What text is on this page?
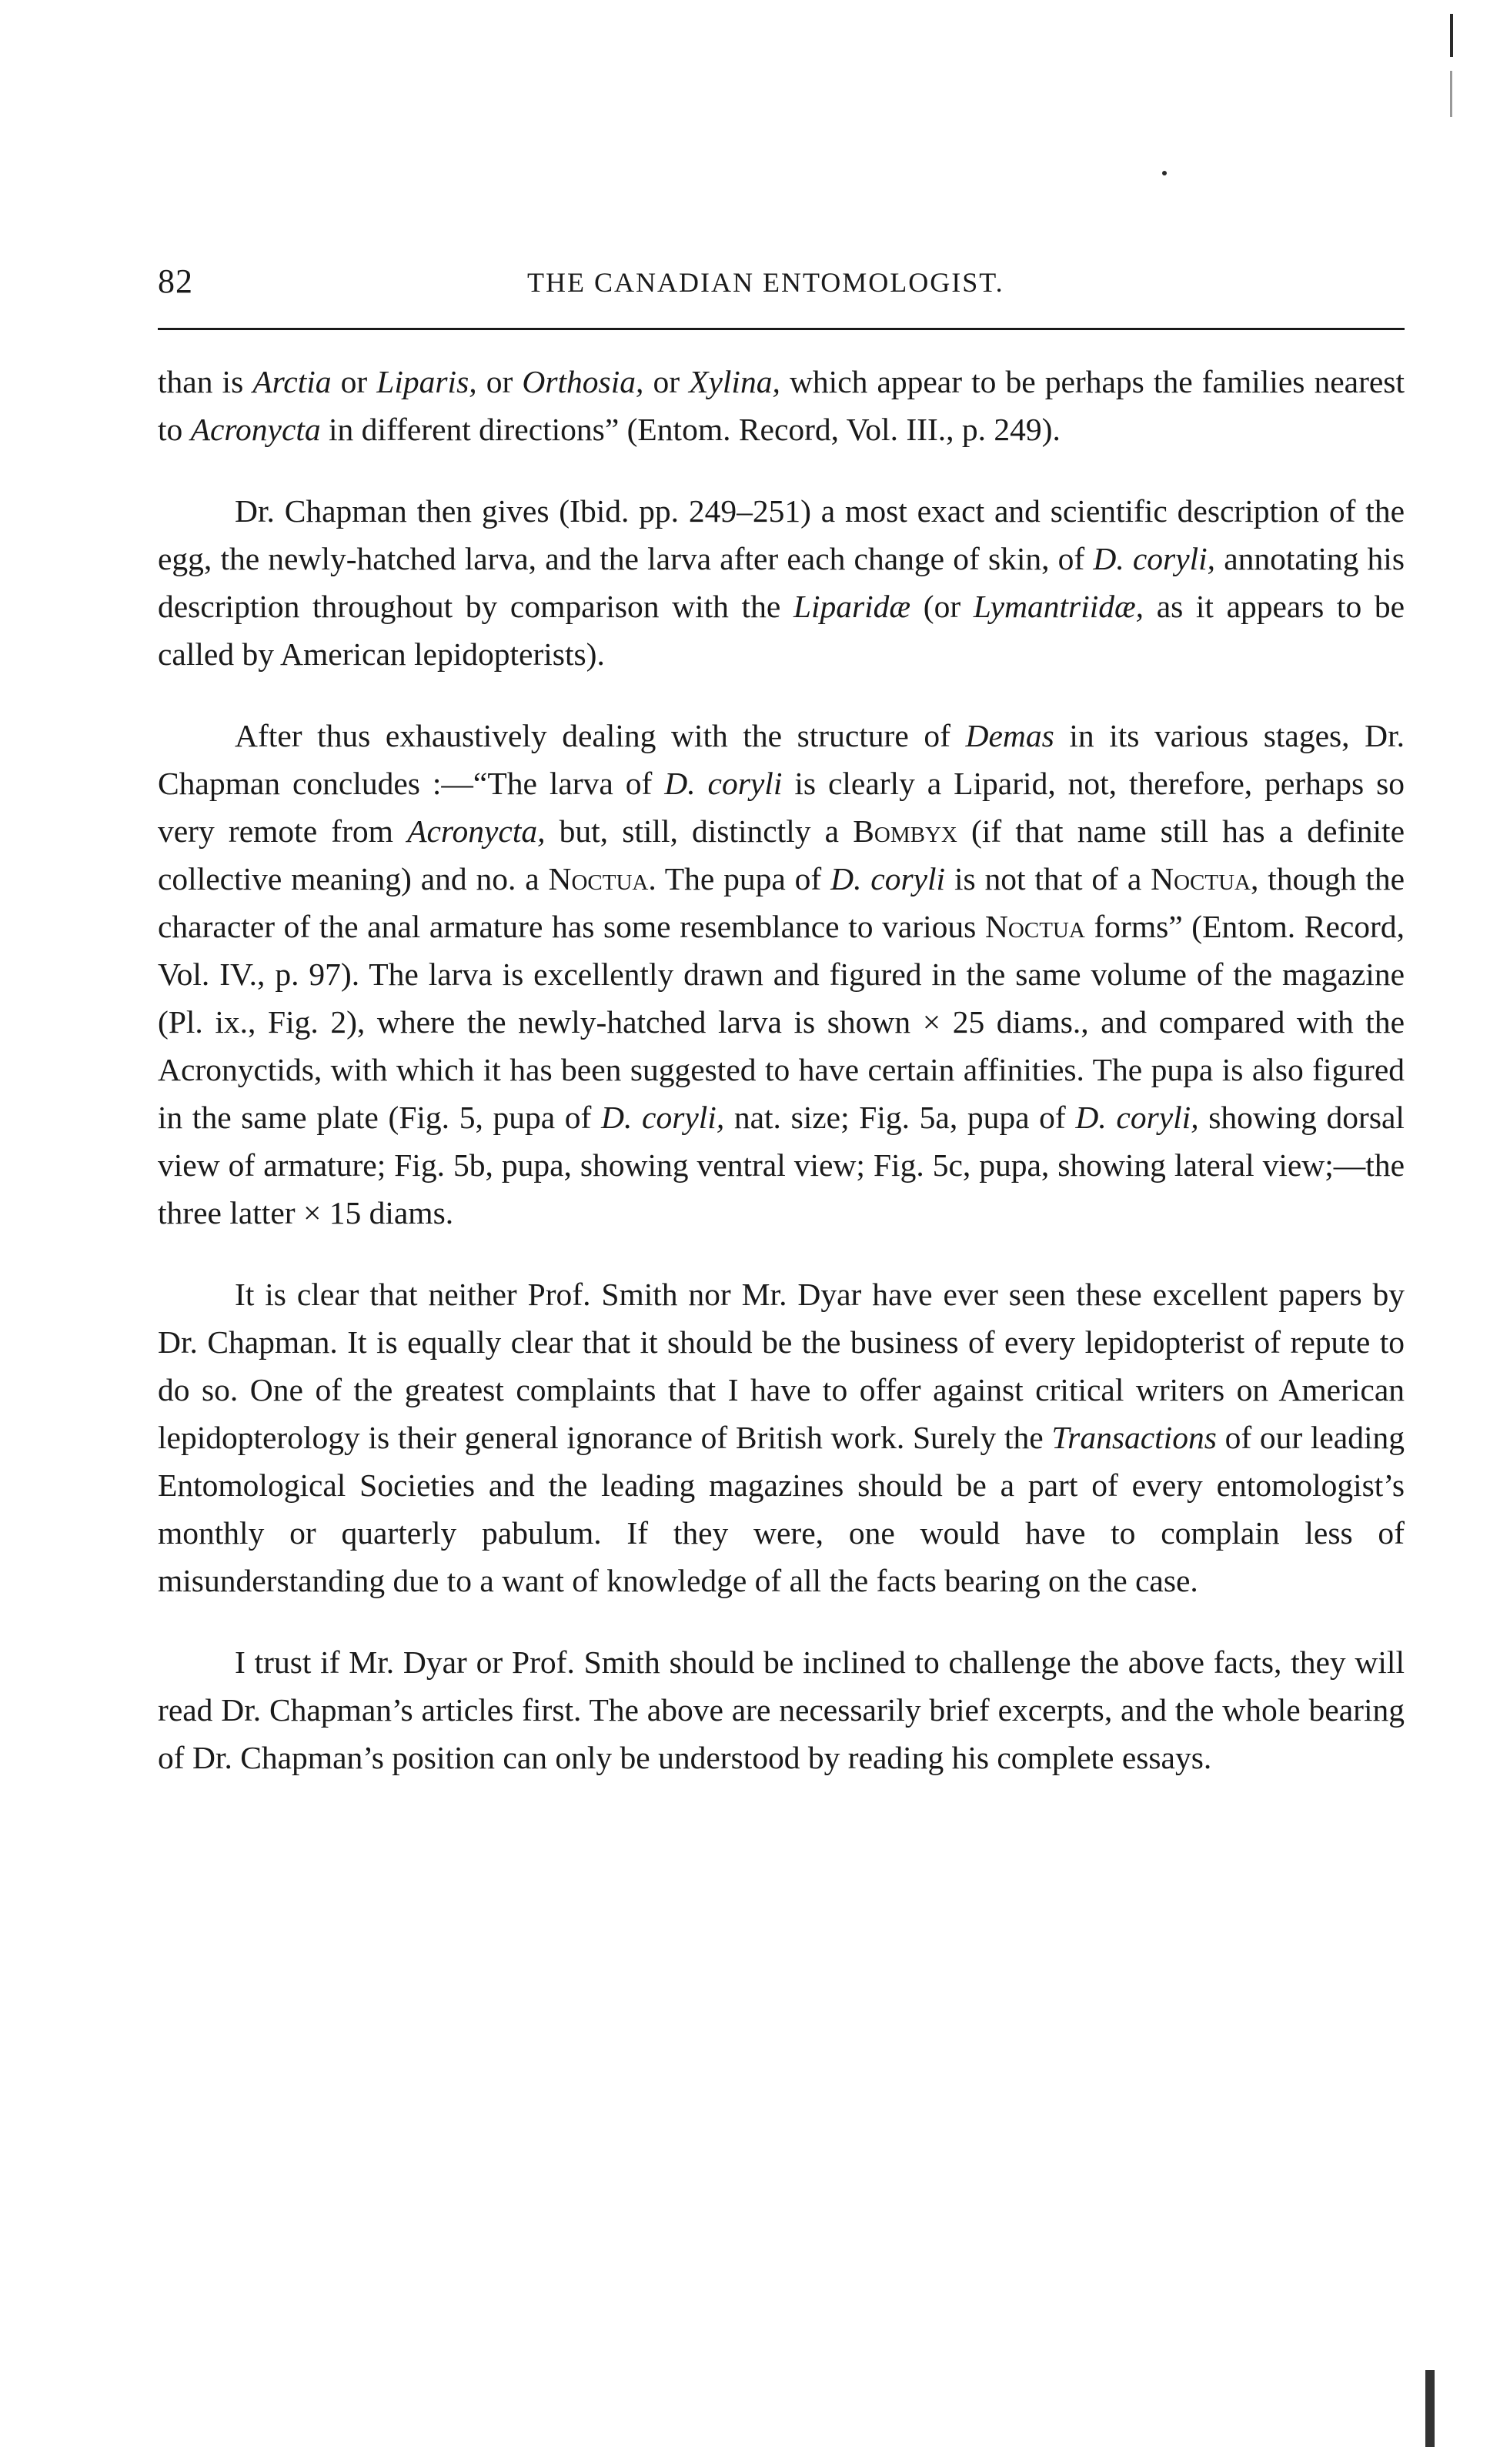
82	THE CANADIAN ENTOMOLOGIST.

than is Arctia or Liparis, or Orthosia, or Xylina, which appear to be perhaps the families nearest to Acronycta in different directions” (Entom. Record, Vol. III., p. 249).

Dr. Chapman then gives (Ibid. pp. 249–251) a most exact and scientific description of the egg, the newly-hatched larva, and the larva after each change of skin, of D. coryli, annotating his description throughout by comparison with the Liparidæ (or Lymantriidæ, as it appears to be called by American lepidopterists).

After thus exhaustively dealing with the structure of Demas in its various stages, Dr. Chapman concludes :—“The larva of D. coryli is clearly a Liparid, not, therefore, perhaps so very remote from Acronycta, but, still, distinctly a Bombyx (if that name still has a definite collective meaning) and no. a Noctua. The pupa of D. coryli is not that of a Noctua, though the character of the anal armature has some resemblance to various Noctua forms” (Entom. Record, Vol. IV., p. 97). The larva is excellently drawn and figured in the same volume of the magazine (Pl. ix., Fig. 2), where the newly-hatched larva is shown × 25 diams., and compared with the Acronyctids, with which it has been suggested to have certain affinities. The pupa is also figured in the same plate (Fig. 5, pupa of D. coryli, nat. size; Fig. 5a, pupa of D. coryli, showing dorsal view of armature; Fig. 5b, pupa, showing ventral view; Fig. 5c, pupa, showing lateral view;—the three latter × 15 diams.

It is clear that neither Prof. Smith nor Mr. Dyar have ever seen these excellent papers by Dr. Chapman. It is equally clear that it should be the business of every lepidopterist of repute to do so. One of the greatest complaints that I have to offer against critical writers on American lepidopterology is their general ignorance of British work. Surely the Transactions of our leading Entomological Societies and the leading magazines should be a part of every entomologist’s monthly or quarterly pabulum. If they were, one would have to complain less of misunderstanding due to a want of knowledge of all the facts bearing on the case.

I trust if Mr. Dyar or Prof. Smith should be inclined to challenge the above facts, they will read Dr. Chapman’s articles first. The above are necessarily brief excerpts, and the whole bearing of Dr. Chapman’s position can only be understood by reading his complete essays.
